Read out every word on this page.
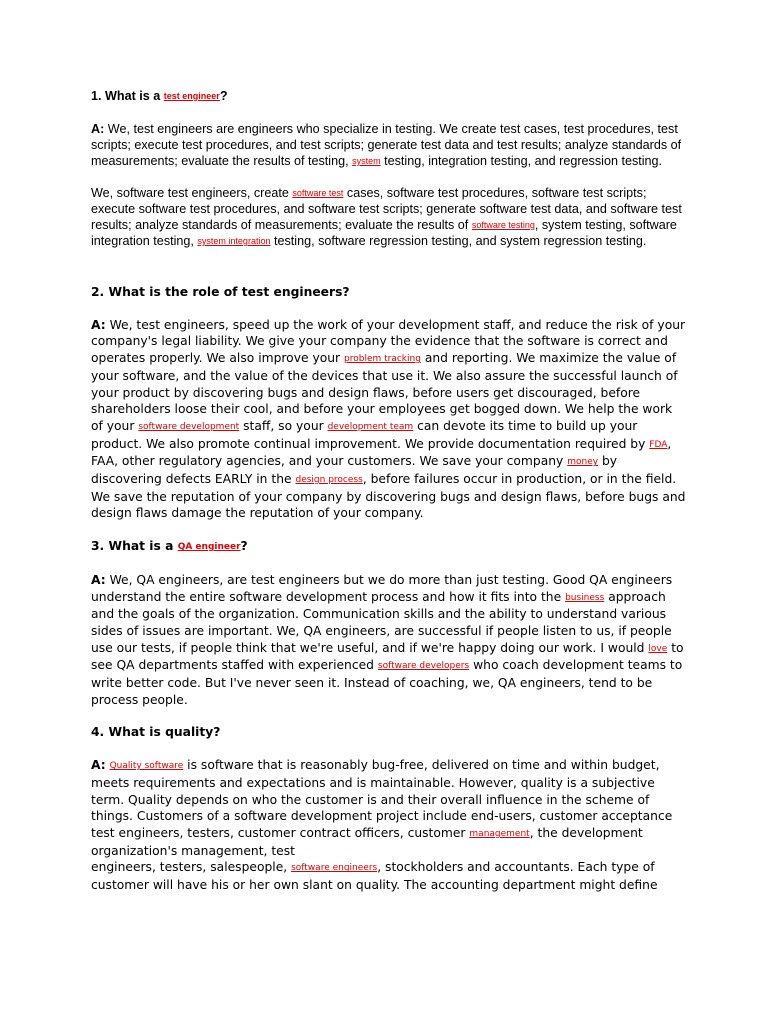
1. What is a test engineer?

A: We, test engineers are engineers who specialize in testing. We create test cases, test procedures, test scripts; execute test procedures, and test scripts; generate test data and test results; analyze standards of measurements; evaluate the results of testing, system testing, integration testing, and regression testing.

We, software test engineers, create software test cases, software test procedures, software test scripts; execute software test procedures, and software test scripts; generate software test data, and software test results; analyze standards of measurements; evaluate the results of software testing, system testing, software integration testing, system integration testing, software regression testing, and system regression testing.

2. What is the role of test engineers?

A: We, test engineers, speed up the work of your development staff, and reduce the risk of your company's legal liability. We give your company the evidence that the software is correct and operates properly. We also improve your problem tracking and reporting. We maximize the value of your software, and the value of the devices that use it. We also assure the successful launch of your product by discovering bugs and design flaws, before users get discouraged, before shareholders loose their cool, and before your employees get bogged down. We help the work of your software development staff, so your development team can devote its time to build up your product. We also promote continual improvement. We provide documentation required by FDA, FAA, other regulatory agencies, and your customers. We save your company money by discovering defects EARLY in the design process, before failures occur in production, or in the field. We save the reputation of your company by discovering bugs and design flaws, before bugs and design flaws damage the reputation of your company.

3. What is a QA engineer?

A: We, QA engineers, are test engineers but we do more than just testing. Good QA engineers understand the entire software development process and how it fits into the business approach and the goals of the organization. Communication skills and the ability to understand various sides of issues are important. We, QA engineers, are successful if people listen to us, if people use our tests, if people think that we're useful, and if we're happy doing our work. I would love to see QA departments staffed with experienced software developers who coach development teams to write better code. But I've never seen it. Instead of coaching, we, QA engineers, tend to be process people.

4. What is quality?

A: Quality software is software that is reasonably bug-free, delivered on time and within budget, meets requirements and expectations and is maintainable. However, quality is a subjective term. Quality depends on who the customer is and their overall influence in the scheme of things. Customers of a software development project include end-users, customer acceptance test engineers, testers, customer contract officers, customer management, the development organization's management, test
engineers, testers, salespeople, software engineers, stockholders and accountants. Each type of customer will have his or her own slant on quality. The accounting department might define
